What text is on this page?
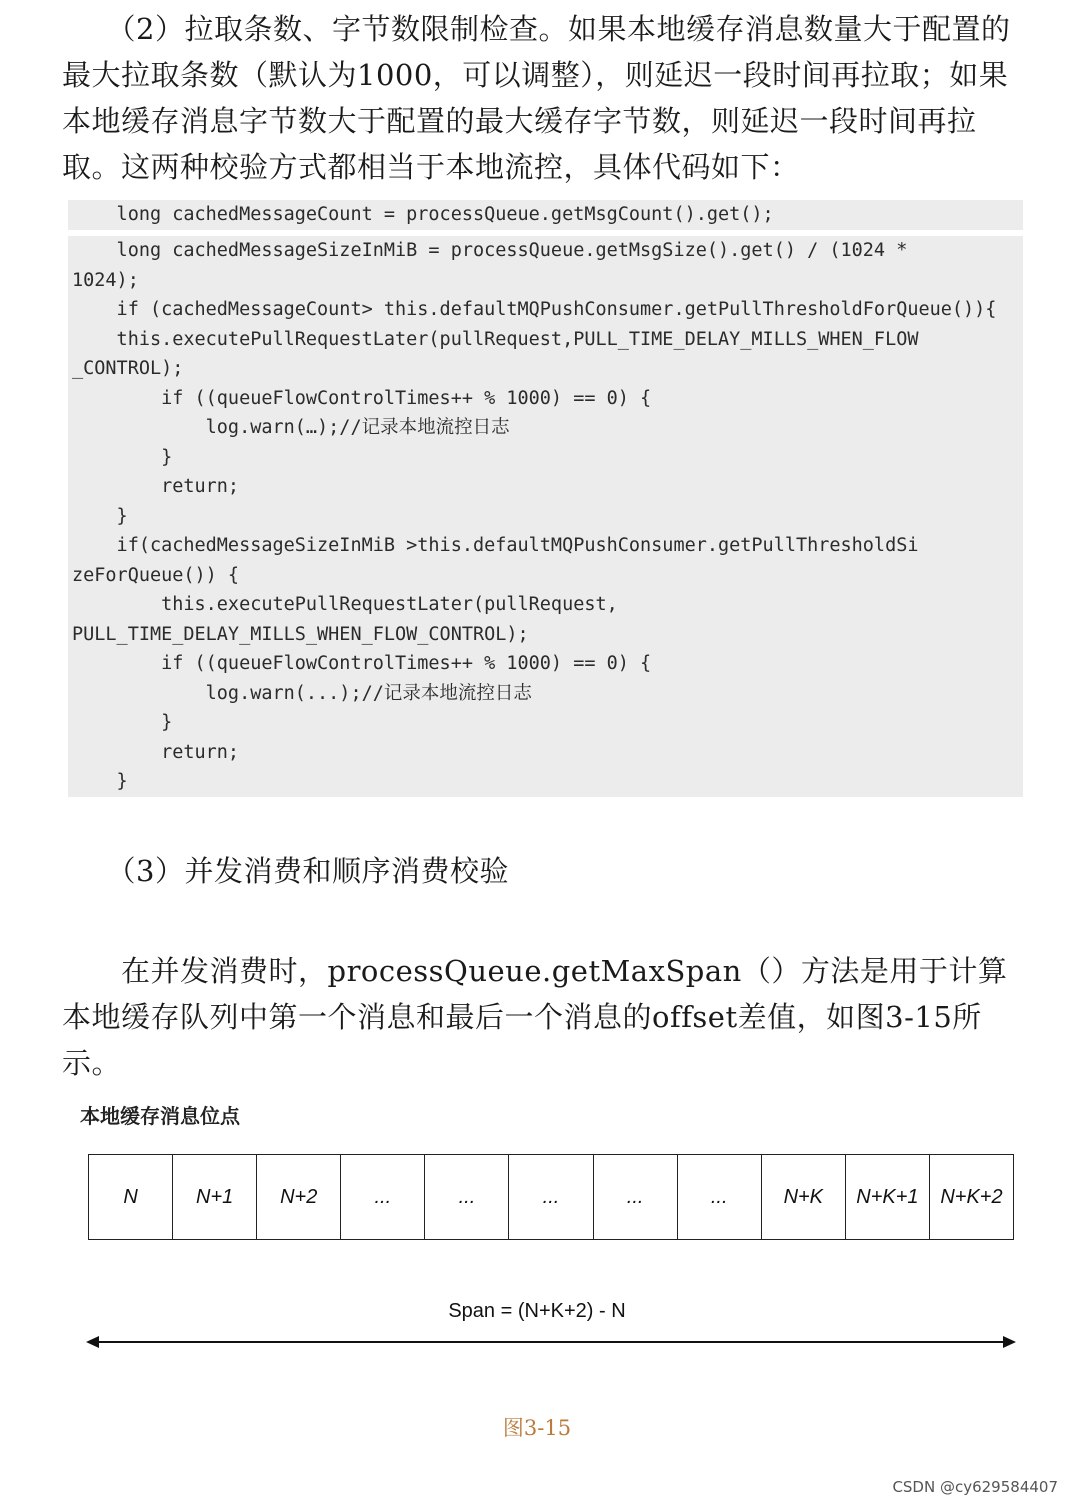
　　（2）拉取条数、字节数限制检查。如果本地缓存消息数量大于配置的最大拉取条数（默认为1000，可以调整），则延迟一段时间再拉取；如果本地缓存消息字节数大于配置的最大缓存字节数，则延迟一段时间再拉取。这两种校验方式都相当于本地流控，具体代码如下：

long cachedMessageCount = processQueue.getMsgCount().get();
long cachedMessageSizeInMiB = processQueue.getMsgSize().get() / (1024 *
1024);
if (cachedMessageCount> this.defaultMQPushConsumer.getPullThresholdForQueue()){
this.executePullRequestLater(pullRequest,PULL_TIME_DELAY_MILLS_WHEN_FLOW
_CONTROL);
if ((queueFlowControlTimes++ % 1000) == 0) {
log.warn(…);//记录本地流控日志
}
return;
}
if(cachedMessageSizeInMiB >this.defaultMQPushConsumer.getPullThresholdSi
zeForQueue()) {
this.executePullRequestLater(pullRequest,
PULL_TIME_DELAY_MILLS_WHEN_FLOW_CONTROL);
if ((queueFlowControlTimes++ % 1000) == 0) {
log.warn(...);//记录本地流控日志
}
return;
}

　　（3）并发消费和顺序消费校验

　　在并发消费时，processQueue.getMaxSpan（）方法是用于计算本地缓存队列中第一个消息和最后一个消息的offset差值，如图3-15所示。

本地缓存消息位点
N	N+1	N+2	...	...	...	...	...	N+K	N+K+1	N+K+2
Span = (N+K+2) - N
图3-15
CSDN @cy629584407
